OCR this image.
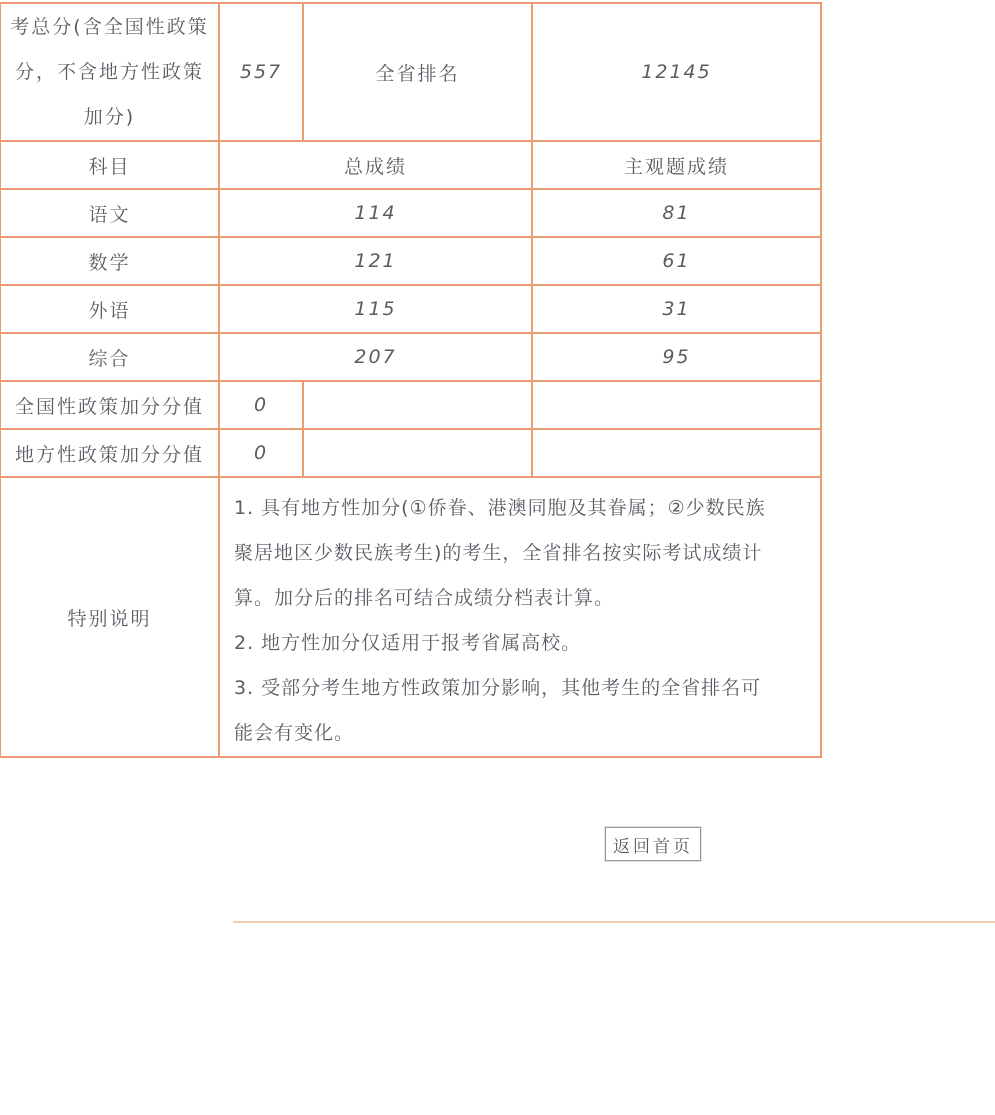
考总分(含全国性政策
分，不含地方性政策
加分)	557	全省排名	12145
科目	总成绩		主观题成绩
语文	114		81
数学	121		61
外语	115		31
综合	207		95
全国性政策加分分值	0		
地方性政策加分分值	0		
特别说明	
1. 具有地方性加分(①侨眷、港澳同胞及其眷属；②少数民族
聚居地区少数民族考生)的考生，全省排名按实际考试成绩计
算。加分后的排名可结合成绩分档表计算。
2. 地方性加分仅适用于报考省属高校。
3. 受部分考生地方性政策加分影响，其他考生的全省排名可
能会有变化。
返回首页
